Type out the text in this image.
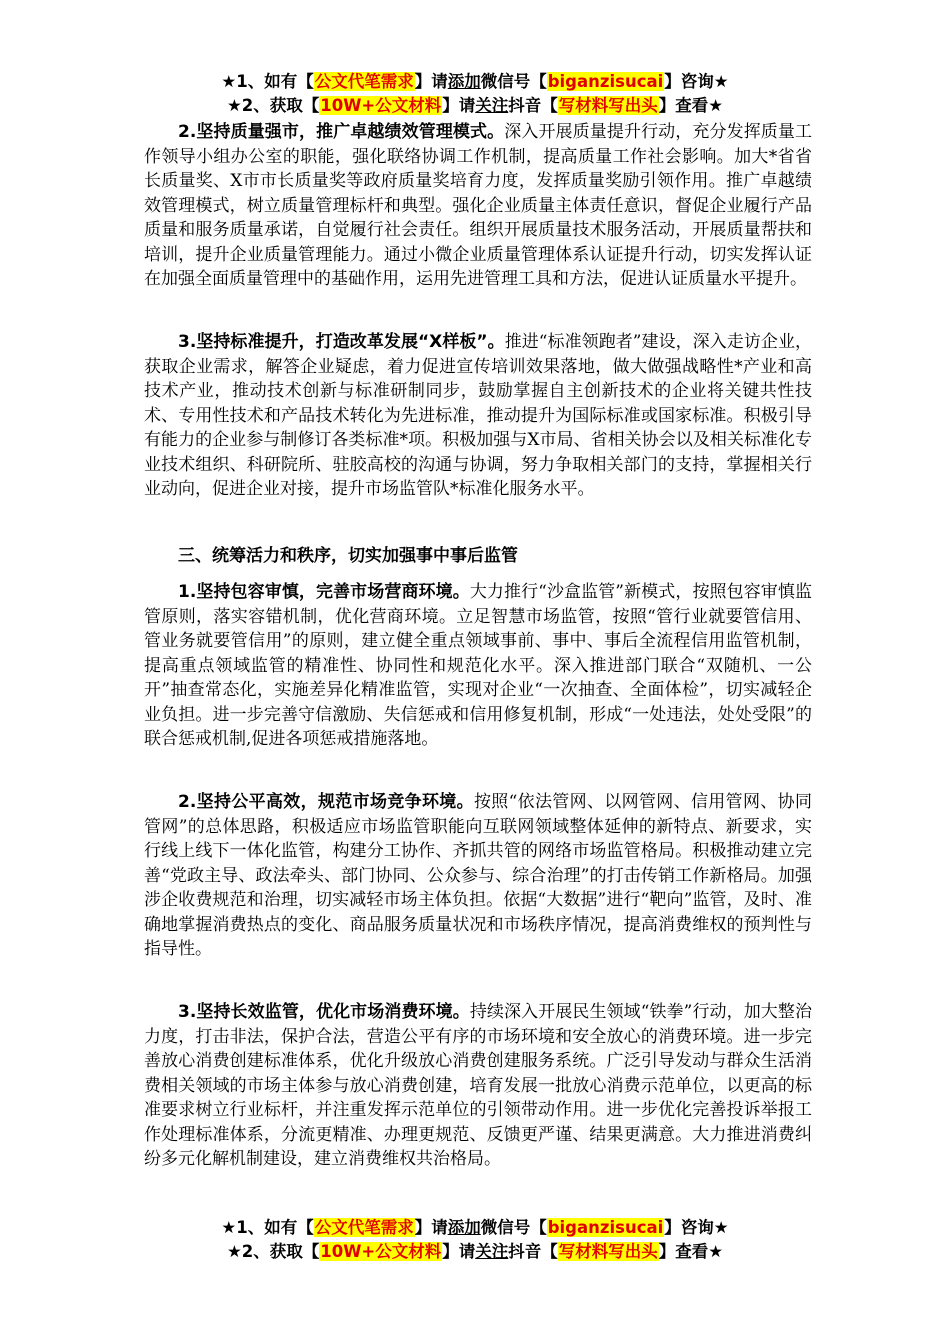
★1、如有【公文代笔需求】请添加微信号【biganzisucai】咨询★
★2、获取【10W+公文材料】请关注抖音【写材料写出头】查看★

2.坚持质量强市，推广卓越绩效管理模式。深入开展质量提升行动，充分发挥质量工作领导小组办公室的职能，强化联络协调工作机制，提高质量工作社会影响。加大*省省长质量奖、X市市长质量奖等政府质量奖培育力度，发挥质量奖励引领作用。推广卓越绩效管理模式，树立质量管理标杆和典型。强化企业质量主体责任意识，督促企业履行产品质量和服务质量承诺，自觉履行社会责任。组织开展质量技术服务活动，开展质量帮扶和培训，提升企业质量管理能力。通过小微企业质量管理体系认证提升行动，切实发挥认证在加强全面质量管理中的基础作用，运用先进管理工具和方法，促进认证质量水平提升。

3.坚持标准提升，打造改革发展“X样板”。推进“标准领跑者”建设，深入走访企业，获取企业需求，解答企业疑虑，着力促进宣传培训效果落地，做大做强战略性*产业和高技术产业，推动技术创新与标准研制同步，鼓励掌握自主创新技术的企业将关键共性技术、专用性技术和产品技术转化为先进标准，推动提升为国际标准或国家标准。积极引导有能力的企业参与制修订各类标准*项。积极加强与X市局、省相关协会以及相关标准化专业技术组织、科研院所、驻胶高校的沟通与协调，努力争取相关部门的支持，掌握相关行业动向，促进企业对接，提升市场监管队*标准化服务水平。

三、统筹活力和秩序，切实加强事中事后监管

1.坚持包容审慎，完善市场营商环境。大力推行“沙盒监管”新模式，按照包容审慎监管原则，落实容错机制，优化营商环境。立足智慧市场监管，按照“管行业就要管信用、管业务就要管信用”的原则，建立健全重点领域事前、事中、事后全流程信用监管机制，提高重点领域监管的精准性、协同性和规范化水平。深入推进部门联合“双随机、一公开”抽查常态化，实施差异化精准监管，实现对企业“一次抽查、全面体检”，切实减轻企业负担。进一步完善守信激励、失信惩戒和信用修复机制，形成“一处违法，处处受限”的联合惩戒机制,促进各项惩戒措施落地。

2.坚持公平高效，规范市场竞争环境。按照“依法管网、以网管网、信用管网、协同管网”的总体思路，积极适应市场监管职能向互联网领域整体延伸的新特点、新要求，实行线上线下一体化监管，构建分工协作、齐抓共管的网络市场监管格局。积极推动建立完善“党政主导、政法牵头、部门协同、公众参与、综合治理”的打击传销工作新格局。加强涉企收费规范和治理，切实减轻市场主体负担。依据“大数据”进行“靶向”监管，及时、准确地掌握消费热点的变化、商品服务质量状况和市场秩序情况，提高消费维权的预判性与指导性。

3.坚持长效监管，优化市场消费环境。持续深入开展民生领域“铁拳”行动，加大整治力度，打击非法，保护合法，营造公平有序的市场环境和安全放心的消费环境。进一步完善放心消费创建标准体系，优化升级放心消费创建服务系统。广泛引导发动与群众生活消费相关领域的市场主体参与放心消费创建，培育发展一批放心消费示范单位，以更高的标准要求树立行业标杆，并注重发挥示范单位的引领带动作用。进一步优化完善投诉举报工作处理标准体系，分流更精准、办理更规范、反馈更严谨、结果更满意。大力推进消费纠纷多元化解机制建设，建立消费维权共治格局。

★1、如有【公文代笔需求】请添加微信号【biganzisucai】咨询★
★2、获取【10W+公文材料】请关注抖音【写材料写出头】查看★
